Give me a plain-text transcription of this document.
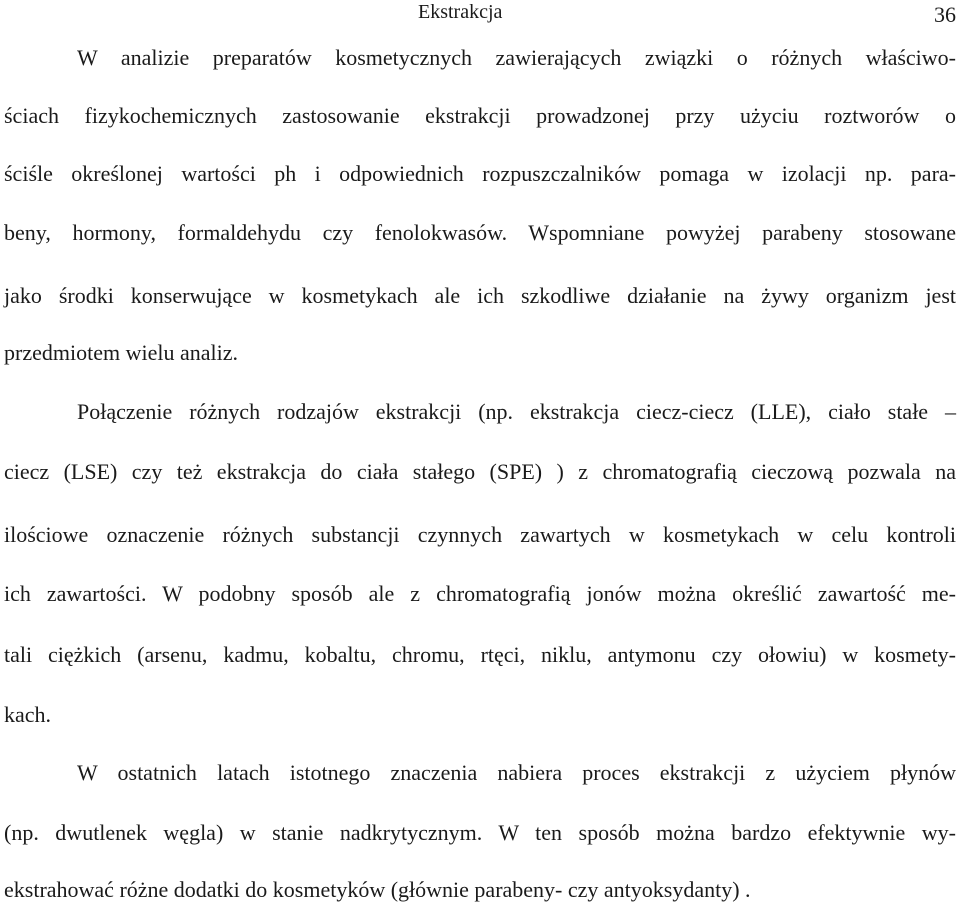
Ekstrakcja	36
W analizie preparatów kosmetycznych zawierających związki o różnych właściwo-
ściach fizykochemicznych zastosowanie ekstrakcji prowadzonej przy użyciu roztworów o
ściśle określonej wartości ph i odpowiednich rozpuszczalników pomaga w izolacji np. para-
beny, hormony, formaldehydu czy fenolokwasów. Wspomniane powyżej parabeny stosowane
jako środki konserwujące w kosmetykach ale ich szkodliwe działanie na żywy organizm jest
przedmiotem wielu analiz.
Połączenie różnych rodzajów ekstrakcji (np. ekstrakcja ciecz-ciecz (LLE), ciało stałe –
ciecz (LSE) czy też ekstrakcja do ciała stałego (SPE) ) z chromatografią cieczową pozwala na
ilościowe oznaczenie różnych substancji czynnych zawartych w kosmetykach w celu kontroli
ich zawartości. W podobny sposób ale z chromatografią jonów można określić zawartość me-
tali ciężkich (arsenu, kadmu, kobaltu, chromu, rtęci, niklu, antymonu czy ołowiu) w kosmety-
kach.
W ostatnich latach istotnego znaczenia nabiera proces ekstrakcji z użyciem płynów
(np. dwutlenek węgla) w stanie nadkrytycznym. W ten sposób można bardzo efektywnie wy-
ekstrahować różne dodatki do kosmetyków (głównie parabeny- czy antyoksydanty) .
